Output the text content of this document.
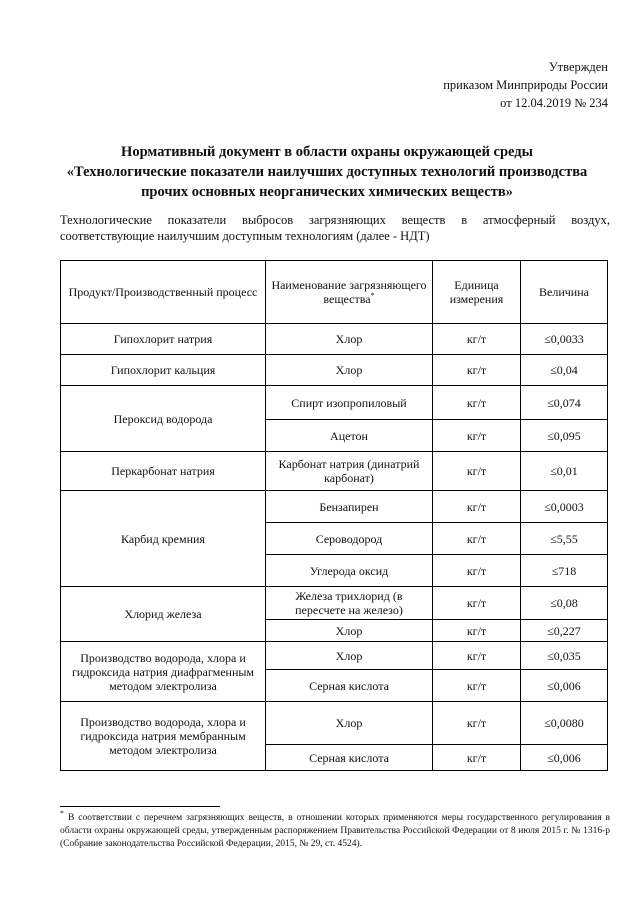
Утвержден
приказом Минприроды России
от 12.04.2019 № 234
Нормативный документ в области охраны окружающей среды
«Технологические показатели наилучших доступных технологий производства
прочих основных неорганических химических веществ»
Технологические показатели выбросов загрязняющих веществ в атмосферный воздух,
соответствующие наилучшим доступным технологиям (далее - НДТ)
Продукт/Производственный процесс	Наименование загрязняющего вещества*	Единица измерения	Величина
Гипохлорит натрия	Хлор	кг/т	≤0,0033
Гипохлорит кальция	Хлор	кг/т	≤0,04
Пероксид водорода	Спирт изопропиловый	кг/т	≤0,074
	Ацетон	кг/т	≤0,095
Перкарбонат натрия	Карбонат натрия (динатрий карбонат)	кг/т	≤0,01
Карбид кремния	Бензапирен	кг/т	≤0,0003
	Сероводород	кг/т	≤5,55
	Углерода оксид	кг/т	≤718
Хлорид железа	Железа трихлорид (в пересчете на железо)	кг/т	≤0,08
	Хлор	кг/т	≤0,227
Производство водорода, хлора и гидроксида натрия диафрагменным методом электролиза	Хлор	кг/т	≤0,035
	Серная кислота	кг/т	≤0,006
Производство водорода, хлора и гидроксида натрия мембранным методом электролиза	Хлор	кг/т	≤0,0080
	Серная кислота	кг/т	≤0,006
* В соответствии с перечнем загрязняющих веществ, в отношении которых применяются меры государственного регулирования в области охраны окружающей среды, утвержденным распоряжением Правительства Российской Федерации от 8 июля 2015 г. № 1316-р (Собрание законодательства Российской Федерации, 2015, № 29, ст. 4524).
